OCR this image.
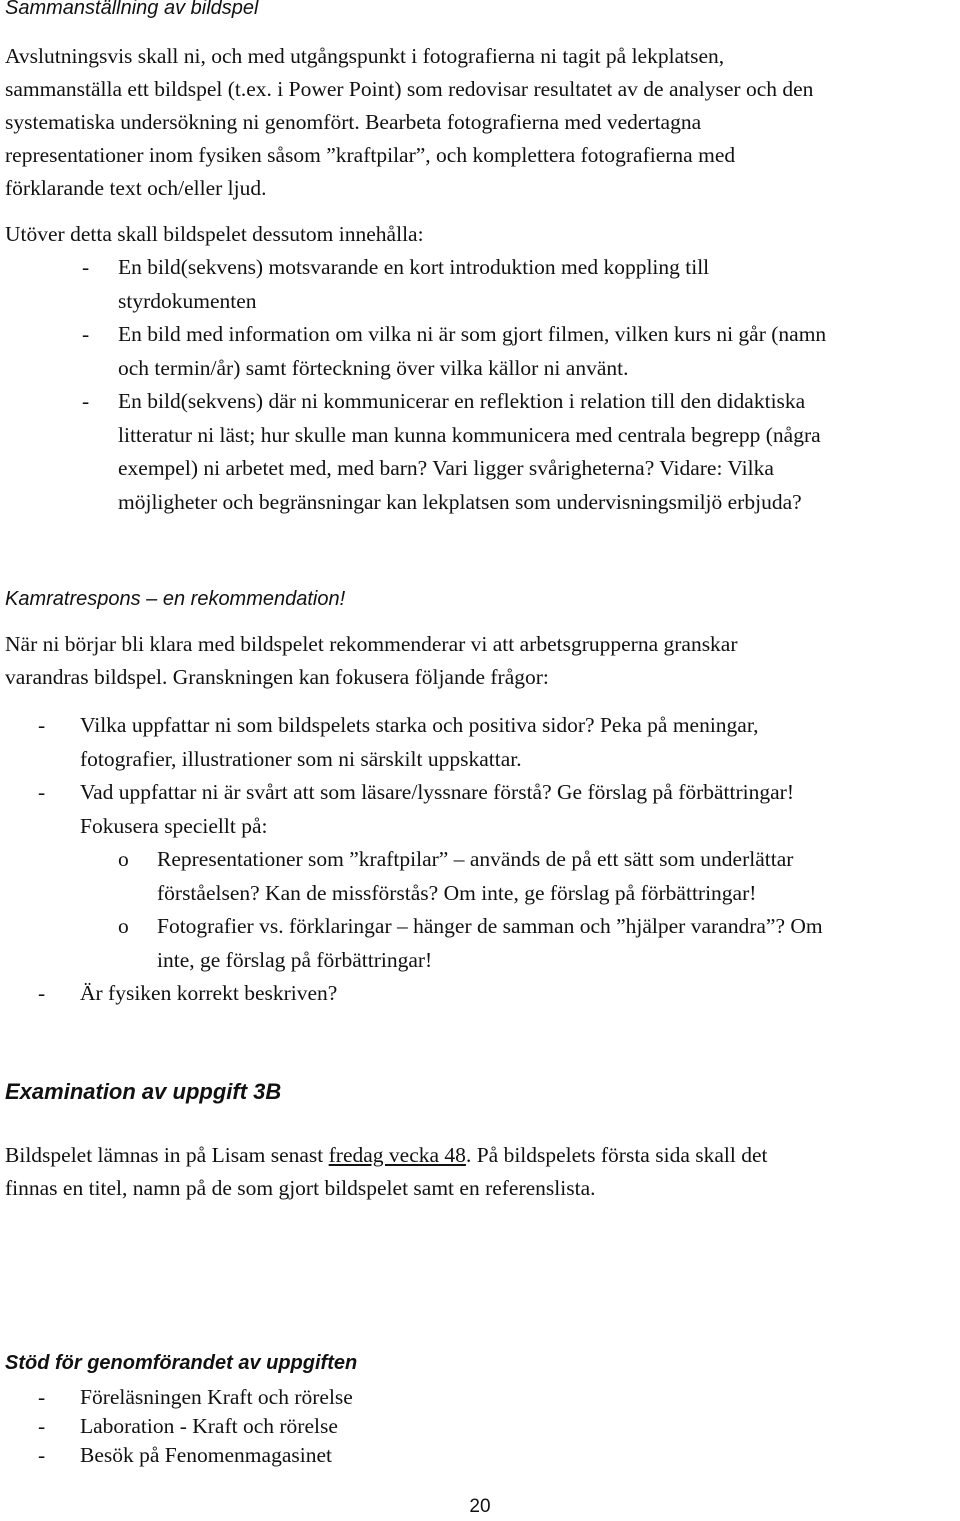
Sammanställning av bildspel
Avslutningsvis skall ni, och med utgångspunkt i fotografierna ni tagit på lekplatsen,
sammanställa ett bildspel (t.ex. i Power Point) som redovisar resultatet av de analyser och den
systematiska undersökning ni genomfört. Bearbeta fotografierna med vedertagna
representationer inom fysiken såsom ”kraftpilar”, och komplettera fotografierna med
förklarande text och/eller ljud.
Utöver detta skall bildspelet dessutom innehålla:
- En bild(sekvens) motsvarande en kort introduktion med koppling till
styrdokumenten
- En bild med information om vilka ni är som gjort filmen, vilken kurs ni går (namn
och termin/år) samt förteckning över vilka källor ni använt.
- En bild(sekvens) där ni kommunicerar en reflektion i relation till den didaktiska
litteratur ni läst; hur skulle man kunna kommunicera med centrala begrepp (några
exempel) ni arbetet med, med barn? Vari ligger svårigheterna? Vidare: Vilka
möjligheter och begränsningar kan lekplatsen som undervisningsmiljö erbjuda?
Kamratrespons – en rekommendation!
När ni börjar bli klara med bildspelet rekommenderar vi att arbetsgrupperna granskar
varandras bildspel. Granskningen kan fokusera följande frågor:
- Vilka uppfattar ni som bildspelets starka och positiva sidor? Peka på meningar,
fotografier, illustrationer som ni särskilt uppskattar.
- Vad uppfattar ni är svårt att som läsare/lyssnare förstå? Ge förslag på förbättringar!
Fokusera speciellt på:
o Representationer som ”kraftpilar” – används de på ett sätt som underlättar
förståelsen? Kan de missförstås? Om inte, ge förslag på förbättringar!
o Fotografier vs. förklaringar – hänger de samman och ”hjälper varandra”? Om
inte, ge förslag på förbättringar!
- Är fysiken korrekt beskriven?
Examination av uppgift 3B
Bildspelet lämnas in på Lisam senast fredag vecka 48. På bildspelets första sida skall det
finnas en titel, namn på de som gjort bildspelet samt en referenslista.
Stöd för genomförandet av uppgiften
- Föreläsningen Kraft och rörelse
- Laboration - Kraft och rörelse
- Besök på Fenomenmagasinet
20
